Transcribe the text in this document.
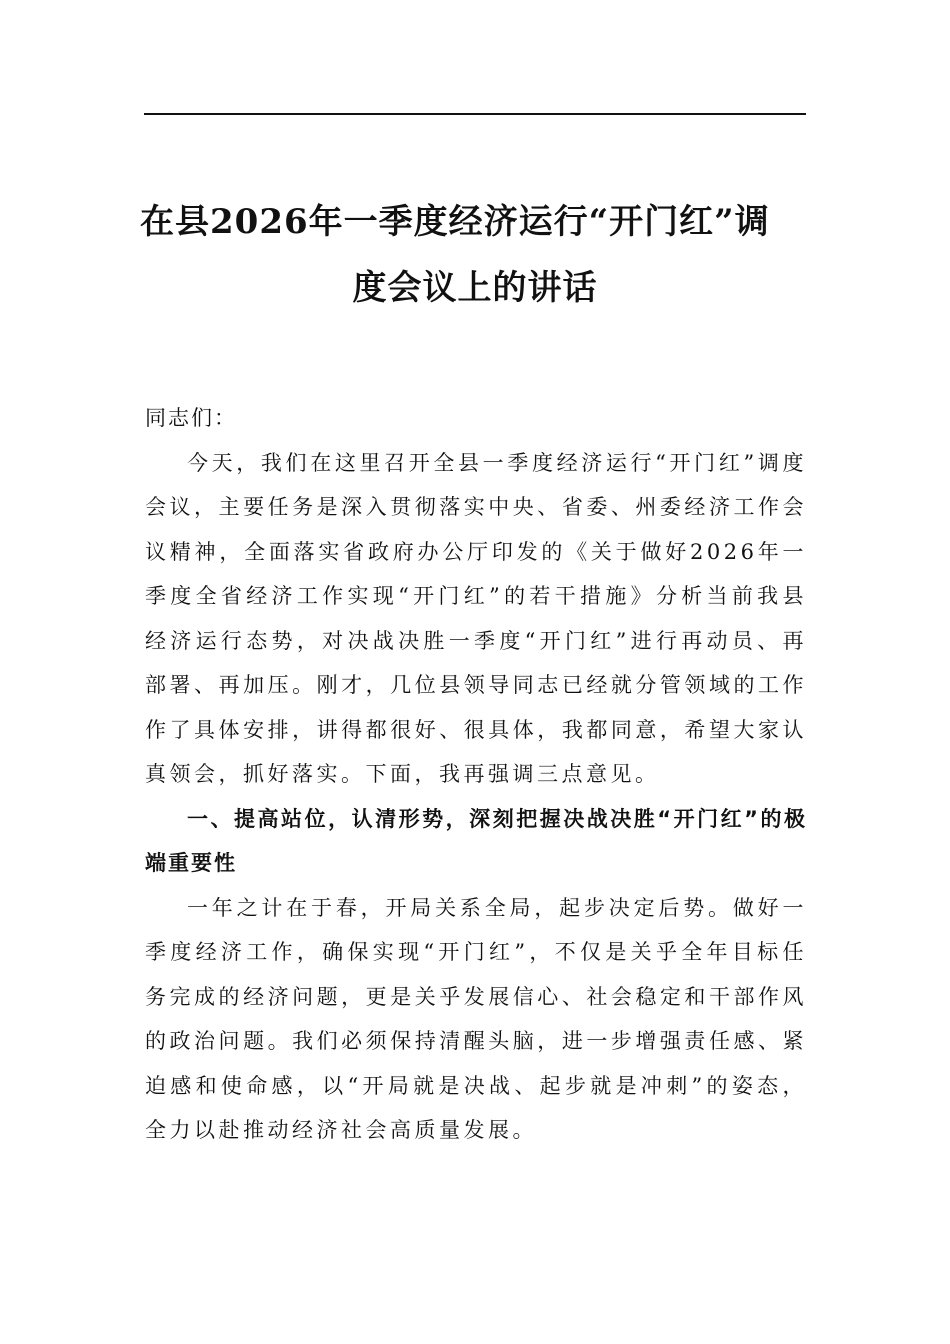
在县2026年一季度经济运行“开门红”调
度会议上的讲话

同志们：

今天，我们在这里召开全县一季度经济运行“开门红”调度会议，主要任务是深入贯彻落实中央、省委、州委经济工作会议精神，全面落实省政府办公厅印发的《关于做好2026年一季度全省经济工作实现“开门红”的若干措施》分析当前我县经济运行态势，对决战决胜一季度“开门红”进行再动员、再部署、再加压。刚才，几位县领导同志已经就分管领域的工作作了具体安排，讲得都很好、很具体，我都同意，希望大家认真领会，抓好落实。下面，我再强调三点意见。

一、提高站位，认清形势，深刻把握决战决胜“开门红”的极端重要性

一年之计在于春，开局关系全局，起步决定后势。做好一季度经济工作，确保实现“开门红”，不仅是关乎全年目标任务完成的经济问题，更是关乎发展信心、社会稳定和干部作风的政治问题。我们必须保持清醒头脑，进一步增强责任感、紧迫感和使命感，以“开局就是决战、起步就是冲刺”的姿态，全力以赴推动经济社会高质量发展。
